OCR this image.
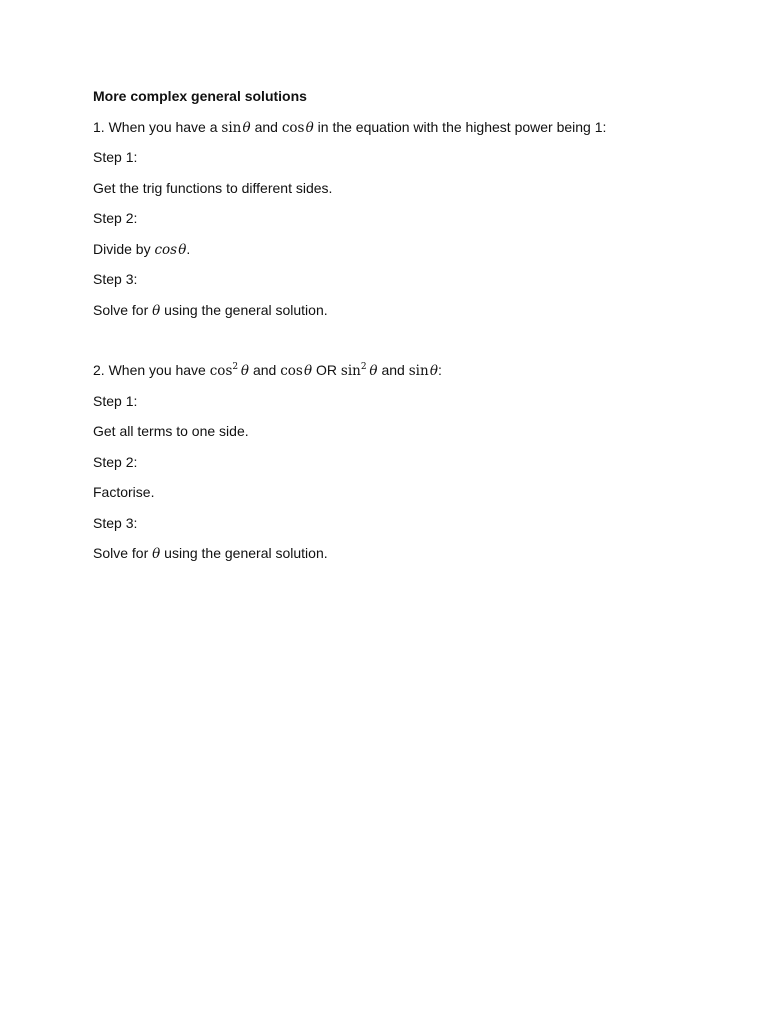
More complex general solutions
1. When you have a sin θ and cos θ in the equation with the highest power being 1:
Step 1:
Get the trig functions to different sides.
Step 2:
Divide by cos θ.
Step 3:
Solve for θ using the general solution.
2. When you have $\cos^2 \theta$ and cos θ OR $\sin^2 \theta$ and sin θ:
Step 1:
Get all terms to one side.
Step 2:
Factorise.
Step 3:
Solve for θ using the general solution.
